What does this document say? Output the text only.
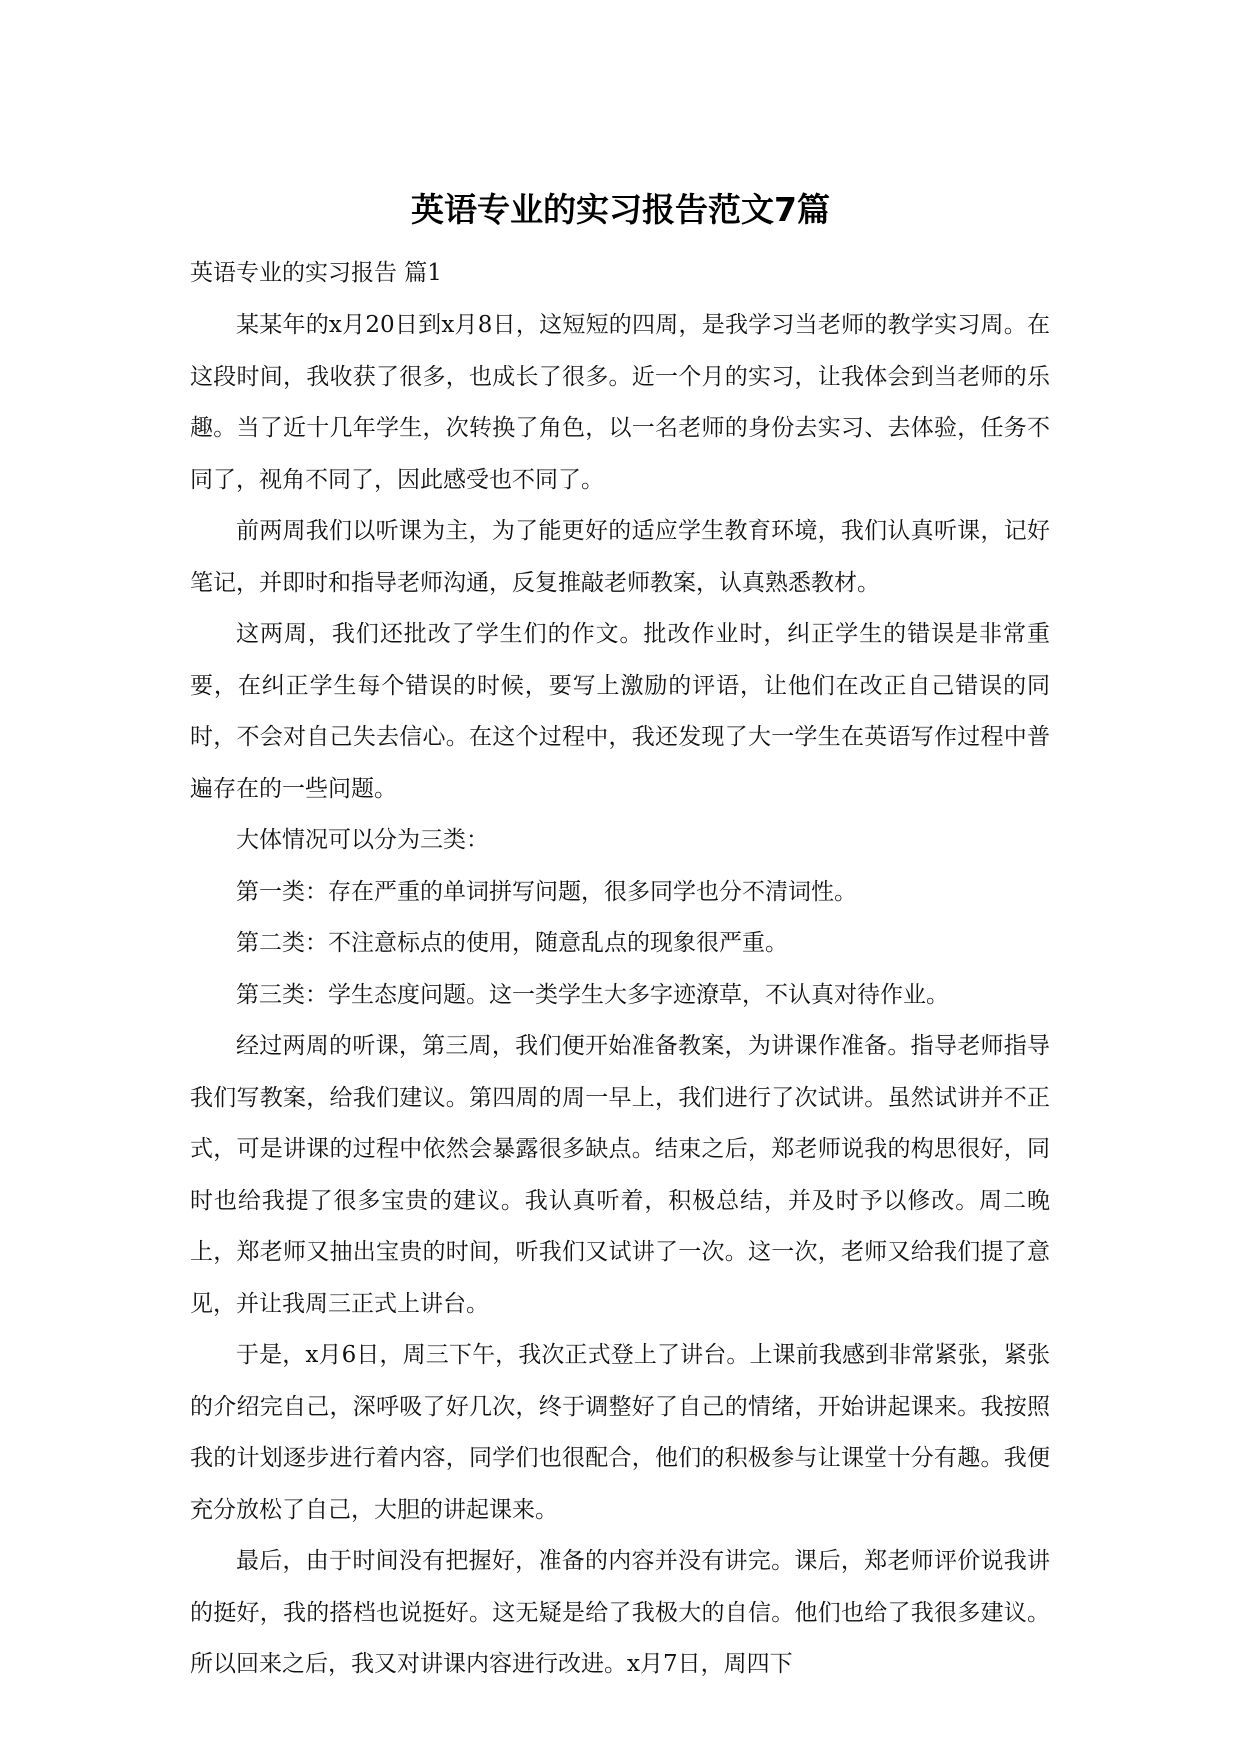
英语专业的实习报告范文7篇
英语专业的实习报告 篇1

某某年的x月20日到x月8日，这短短的四周，是我学习当老师的教学实习周。在这段时间，我收获了很多，也成长了很多。近一个月的实习，让我体会到当老师的乐趣。当了近十几年学生，次转换了角色，以一名老师的身份去实习、去体验，任务不同了，视角不同了，因此感受也不同了。

前两周我们以听课为主，为了能更好的适应学生教育环境，我们认真听课，记好笔记，并即时和指导老师沟通，反复推敲老师教案，认真熟悉教材。

这两周，我们还批改了学生们的作文。批改作业时，纠正学生的错误是非常重要，在纠正学生每个错误的时候，要写上激励的评语，让他们在改正自己错误的同时，不会对自己失去信心。在这个过程中，我还发现了大一学生在英语写作过程中普遍存在的一些问题。

大体情况可以分为三类：

第一类：存在严重的单词拼写问题，很多同学也分不清词性。

第二类：不注意标点的使用，随意乱点的现象很严重。

第三类：学生态度问题。这一类学生大多字迹潦草，不认真对待作业。

经过两周的听课，第三周，我们便开始准备教案，为讲课作准备。指导老师指导我们写教案，给我们建议。第四周的周一早上，我们进行了次试讲。虽然试讲并不正式，可是讲课的过程中依然会暴露很多缺点。结束之后，郑老师说我的构思很好，同时也给我提了很多宝贵的建议。我认真听着，积极总结，并及时予以修改。周二晚上，郑老师又抽出宝贵的时间，听我们又试讲了一次。这一次，老师又给我们提了意见，并让我周三正式上讲台。

于是，x月6日，周三下午，我次正式登上了讲台。上课前我感到非常紧张，紧张的介绍完自己，深呼吸了好几次，终于调整好了自己的情绪，开始讲起课来。我按照我的计划逐步进行着内容，同学们也很配合，他们的积极参与让课堂十分有趣。我便充分放松了自己，大胆的讲起课来。

最后，由于时间没有把握好，准备的内容并没有讲完。课后，郑老师评价说我讲的挺好，我的搭档也说挺好。这无疑是给了我极大的自信。他们也给了我很多建议。所以回来之后，我又对讲课内容进行改进。x月7日，周四下
